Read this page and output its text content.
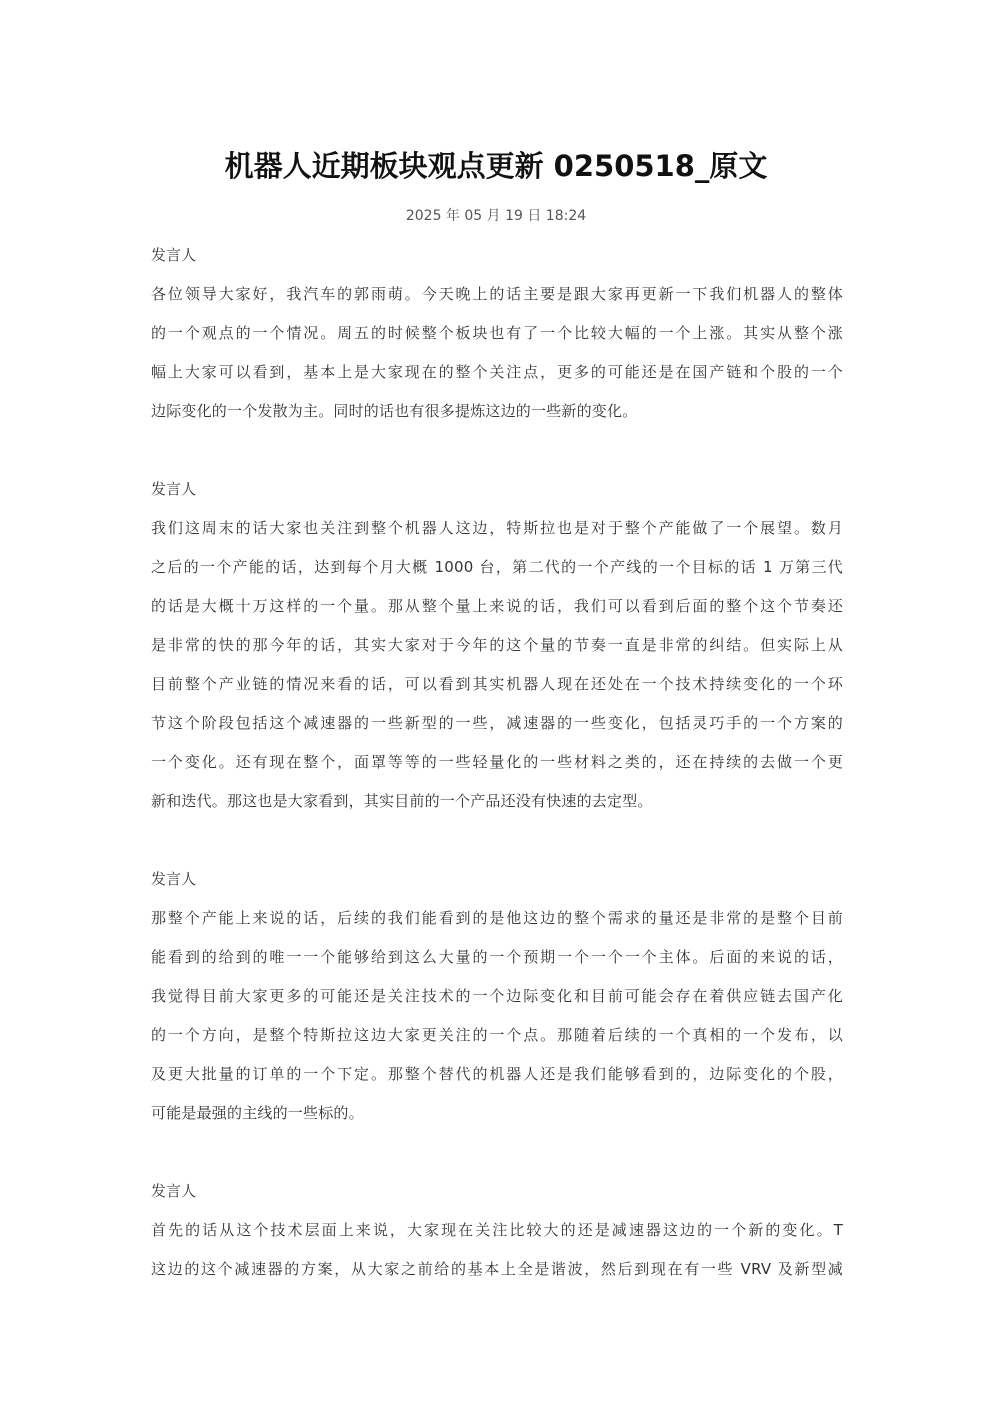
机器人近期板块观点更新 0250518_原文
2025 年 05 月 19 日 18:24
发言人
各位领导大家好，我汽车的郭雨萌。今天晚上的话主要是跟大家再更新一下我们机器人的整体
的一个观点的一个情况。周五的时候整个板块也有了一个比较大幅的一个上涨。其实从整个涨
幅上大家可以看到，基本上是大家现在的整个关注点，更多的可能还是在国产链和个股的一个
边际变化的一个发散为主。同时的话也有很多提炼这边的一些新的变化。
发言人
我们这周末的话大家也关注到整个机器人这边，特斯拉也是对于整个产能做了一个展望。数月
之后的一个产能的话，达到每个月大概 1000 台，第二代的一个产线的一个目标的话 1 万第三代
的话是大概十万这样的一个量。那从整个量上来说的话，我们可以看到后面的整个这个节奏还
是非常的快的那今年的话，其实大家对于今年的这个量的节奏一直是非常的纠结。但实际上从
目前整个产业链的情况来看的话，可以看到其实机器人现在还处在一个技术持续变化的一个环
节这个阶段包括这个减速器的一些新型的一些，减速器的一些变化，包括灵巧手的一个方案的
一个变化。还有现在整个，面罩等等的一些轻量化的一些材料之类的，还在持续的去做一个更
新和迭代。那这也是大家看到，其实目前的一个产品还没有快速的去定型。
发言人
那整个产能上来说的话，后续的我们能看到的是他这边的整个需求的量还是非常的是整个目前
能看到的给到的唯一一个能够给到这么大量的一个预期一个一个一个主体。后面的来说的话，
我觉得目前大家更多的可能还是关注技术的一个边际变化和目前可能会存在着供应链去国产化
的一个方向，是整个特斯拉这边大家更关注的一个点。那随着后续的一个真相的一个发布，以
及更大批量的订单的一个下定。那整个替代的机器人还是我们能够看到的，边际变化的个股，
可能是最强的主线的一些标的。
发言人
首先的话从这个技术层面上来说，大家现在关注比较大的还是减速器这边的一个新的变化。T
这边的这个减速器的方案，从大家之前给的基本上全是谐波，然后到现在有一些 VRV 及新型减
